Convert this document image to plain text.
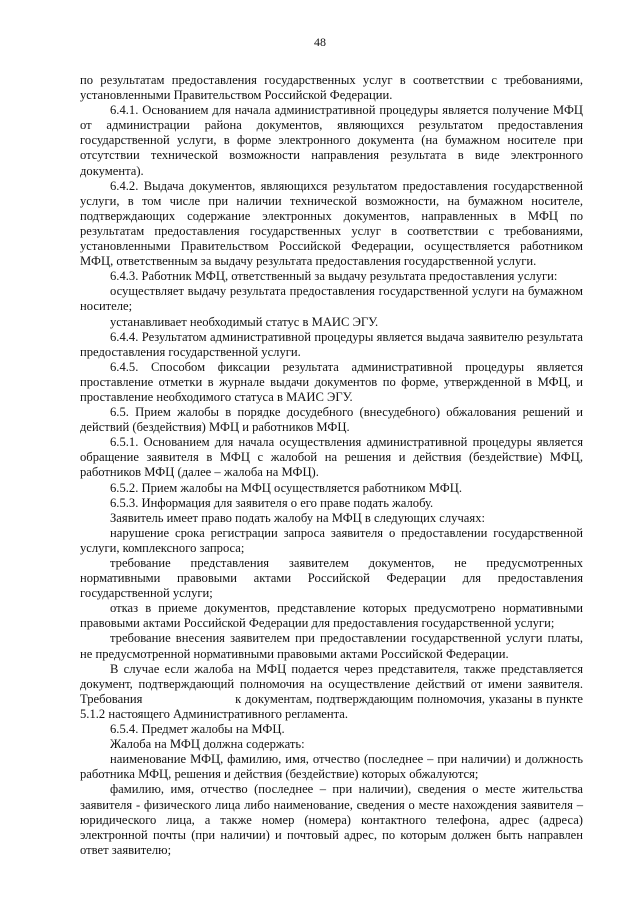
48

по результатам предоставления государственных услуг в соответствии с требованиями, установленными Правительством Российской Федерации.

6.4.1. Основанием для начала административной процедуры является получение МФЦ от администрации района документов, являющихся результатом предоставления государственной услуги, в форме электронного документа (на бумажном носителе при отсутствии технической возможности направления результата в виде электронного документа).

6.4.2. Выдача документов, являющихся результатом предоставления государственной услуги, в том числе при наличии технической возможности, на бумажном носителе, подтверждающих содержание электронных документов, направленных в МФЦ по результатам предоставления государственных услуг в соответствии с требованиями, установленными Правительством Российской Федерации, осуществляется работником МФЦ, ответственным за выдачу результата предоставления государственной услуги.

6.4.3. Работник МФЦ, ответственный за выдачу результата предоставления услуги:

осуществляет выдачу результата предоставления государственной услуги на бумажном носителе;

устанавливает необходимый статус в МАИС ЭГУ.

6.4.4. Результатом административной процедуры является выдача заявителю результата предоставления государственной услуги.

6.4.5. Способом фиксации результата административной процедуры является проставление отметки в журнале выдачи документов по форме, утвержденной в МФЦ, и проставление необходимого статуса в МАИС ЭГУ.

6.5. Прием жалобы в порядке досудебного (внесудебного) обжалования решений и действий (бездействия) МФЦ и работников МФЦ.

6.5.1. Основанием для начала осуществления административной процедуры является обращение заявителя в МФЦ с жалобой на решения и действия (бездействие) МФЦ, работников МФЦ (далее – жалоба на МФЦ).

6.5.2. Прием жалобы на МФЦ осуществляется работником МФЦ.

6.5.3. Информация для заявителя о его праве подать жалобу.

Заявитель имеет право подать жалобу на МФЦ в следующих случаях:

нарушение срока регистрации запроса заявителя о предоставлении государственной услуги, комплексного запроса;

требование представления заявителем документов, не предусмотренных нормативными правовыми актами Российской Федерации для предоставления государственной услуги;

отказ в приеме документов, представление которых предусмотрено нормативными правовыми актами Российской Федерации для предоставления государственной услуги;

требование внесения заявителем при предоставлении государственной услуги платы, не предусмотренной нормативными правовыми актами Российской Федерации.

В случае если жалоба на МФЦ подается через представителя, также представляется документ, подтверждающий полномочия на осуществление действий от имени заявителя. Требования                        к документам, подтверждающим полномочия, указаны в пункте 5.1.2 настоящего Административного регламента.

6.5.4. Предмет жалобы на МФЦ.

Жалоба на МФЦ должна содержать:

наименование МФЦ, фамилию, имя, отчество (последнее – при наличии) и должность работника МФЦ, решения и действия (бездействие) которых обжалуются;

фамилию, имя, отчество (последнее – при наличии), сведения о месте жительства заявителя - физического лица либо наименование, сведения о месте нахождения заявителя – юридического лица, а также номер (номера) контактного телефона, адрес (адреса) электронной почты (при наличии) и почтовый адрес, по которым должен быть направлен ответ заявителю;
